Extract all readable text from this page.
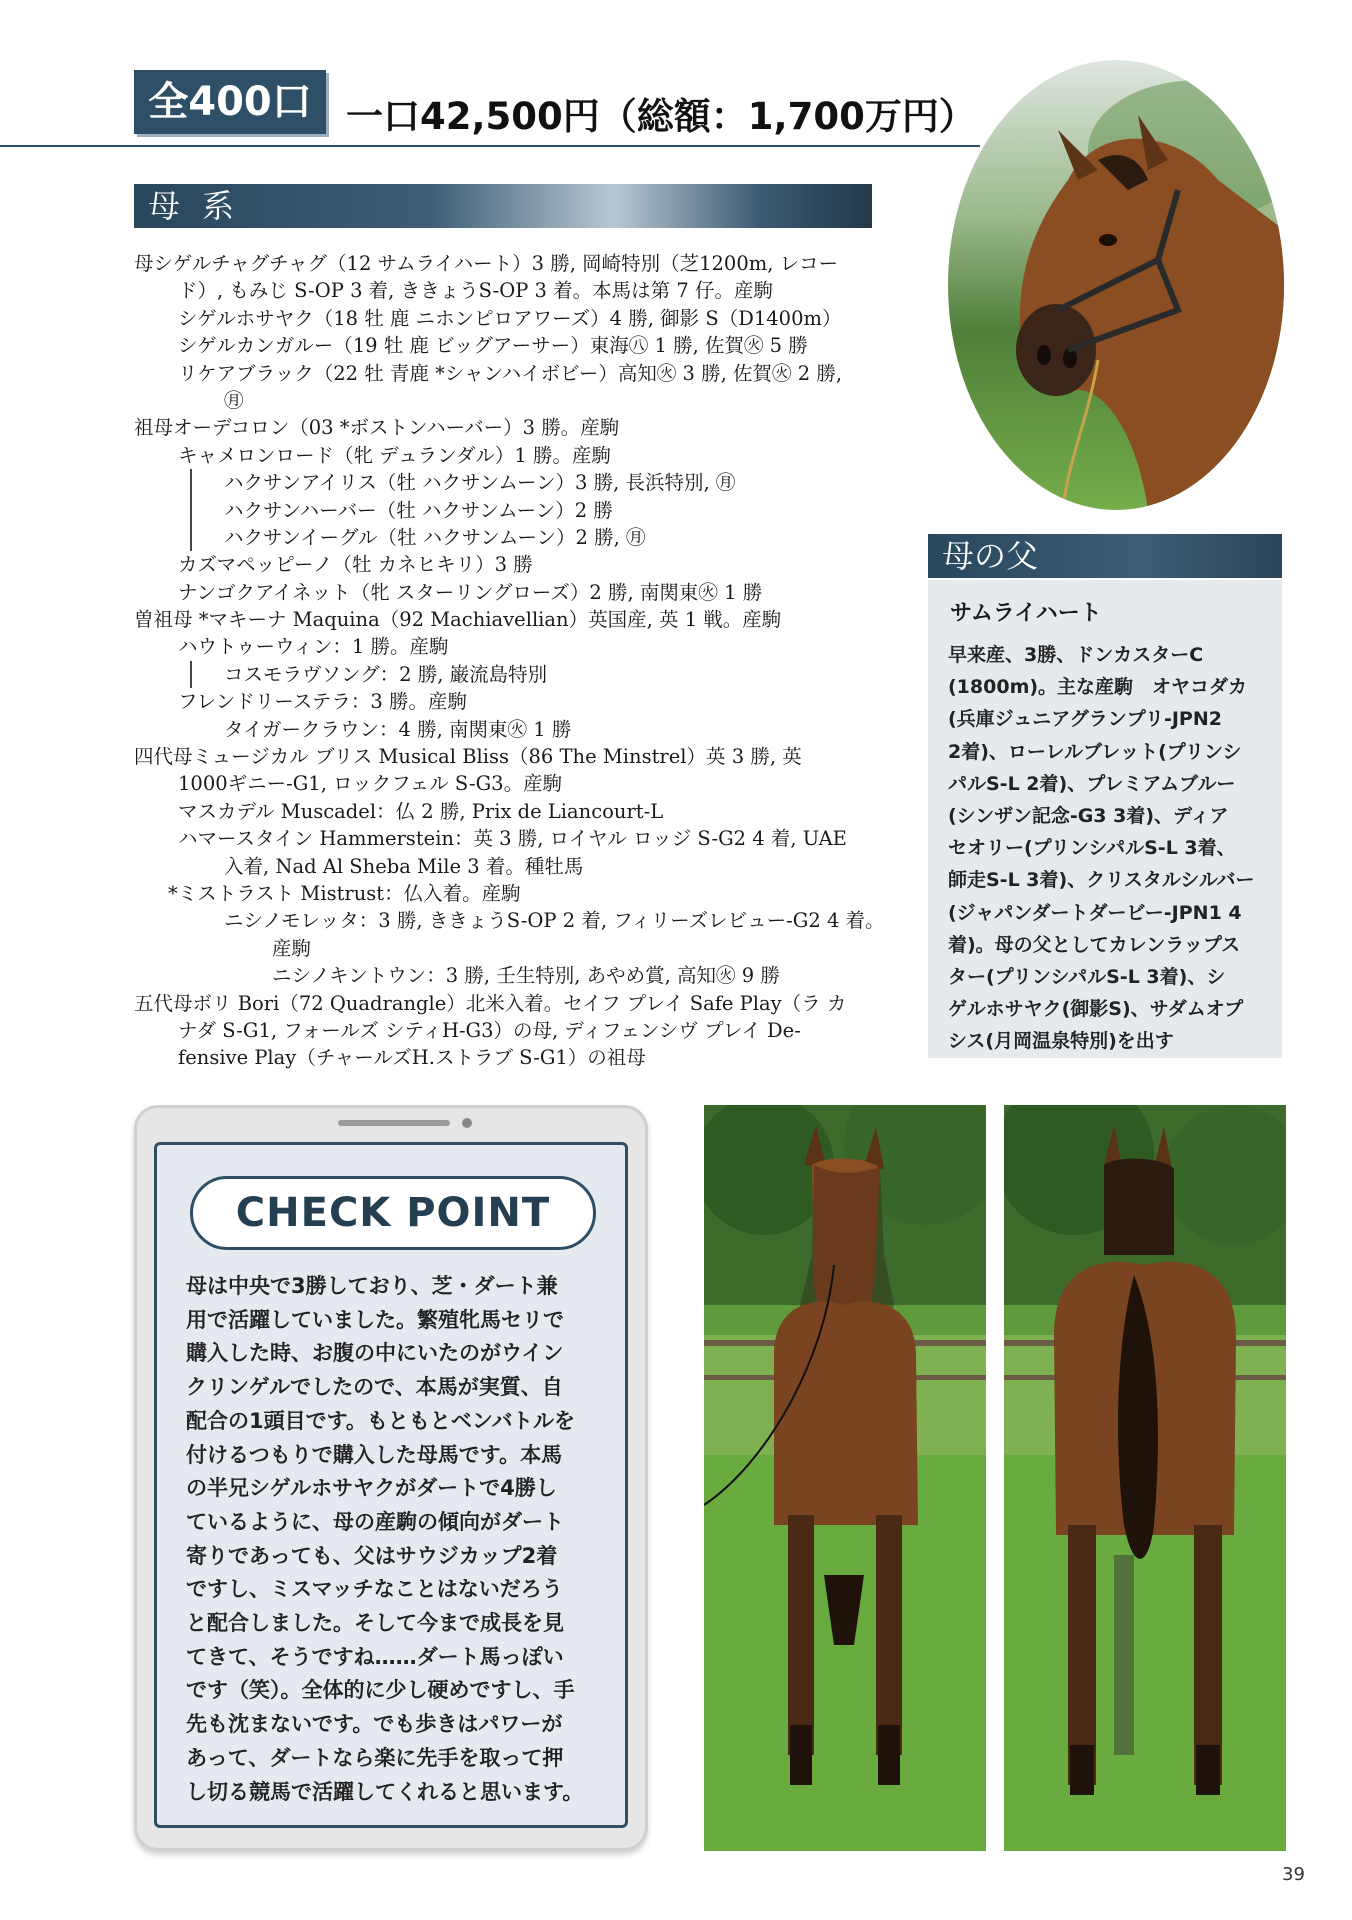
全400口 一口42,500円（総額：1,700万円）
母系
母シゲルチャグチャグ（12 サムライハート）3 勝, 岡崎特別（芝1200m, レコー
ド）, もみじ S-OP 3 着, ききょうS-OP 3 着。本馬は第 7 仔。産駒
シゲルホサヤク（18 牡 鹿 ニホンピロアワーズ）4 勝, 御影 S（D1400m）
シゲルカンガルー（19 牡 鹿 ビッグアーサー）東海㊇ 1 勝, 佐賀㊋ 5 勝
リケアブラック（22 牡 青鹿 *シャンハイボビー）高知㊋ 3 勝, 佐賀㊋ 2 勝,
㊊
祖母オーデコロン（03 *ボストンハーバー）3 勝。産駒
キャメロンロード（牝 デュランダル）1 勝。産駒
ハクサンアイリス（牡 ハクサンムーン）3 勝, 長浜特別, ㊊
ハクサンハーバー（牡 ハクサンムーン）2 勝
ハクサンイーグル（牡 ハクサンムーン）2 勝, ㊊
カズマペッピーノ（牡 カネヒキリ）3 勝
ナンゴクアイネット（牝 スターリングローズ）2 勝, 南関東㊋ 1 勝
曽祖母 *マキーナ Maquina（92 Machiavellian）英国産, 英 1 戦。産駒
ハウトゥーウィン：1 勝。産駒
コスモラヴソング：2 勝, 巌流島特別
フレンドリーステラ：3 勝。産駒
タイガークラウン：4 勝, 南関東㊋ 1 勝
四代母ミュージカル ブリス Musical Bliss（86 The Minstrel）英 3 勝, 英
1000ギニー-G1, ロックフェル S-G3。産駒
マスカデル Muscadel：仏 2 勝, Prix de Liancourt-L
ハマースタイン Hammerstein：英 3 勝, ロイヤル ロッジ S-G2 4 着, UAE
入着, Nad Al Sheba Mile 3 着。種牡馬
*ミストラスト Mistrust：仏入着。産駒
ニシノモレッタ：3 勝, ききょうS-OP 2 着, フィリーズレビュー-G2 4 着。
産駒
ニシノキントウン：3 勝, 壬生特別, あやめ賞, 高知㊋ 9 勝
五代母ボリ Bori（72 Quadrangle）北米入着。セイフ プレイ Safe Play（ラ カ
ナダ S-G1, フォールズ シティH-G3）の母, ディフェンシヴ プレイ De-
fensive Play（チャールズH.ストラブ S-G1）の祖母
母の父
サムライハート
早来産、3勝、ドンカスターC
(1800m)。主な産駒　オヤコダカ
(兵庫ジュニアグランプリ-JPN2
2着)、ローレルブレット(プリンシ
パルS-L 2着)、プレミアムブルー
(シンザン記念-G3 3着)、ディア
セオリー(プリンシパルS-L 3着、
師走S-L 3着)、クリスタルシルバー
(ジャパンダートダービー-JPN1 4
着)。母の父としてカレンラップス
ター(プリンシパルS-L 3着)、シ
ゲルホサヤク(御影S)、サダムオプ
シス(月岡温泉特別)を出す
CHECK POINT
母は中央で3勝しており、芝・ダート兼
用で活躍していました。繁殖牝馬セリで
購入した時、お腹の中にいたのがウイン
クリンゲルでしたので、本馬が実質、自
配合の1頭目です。もともとベンバトルを
付けるつもりで購入した母馬です。本馬
の半兄シゲルホサヤクがダートで4勝し
ているように、母の産駒の傾向がダート
寄りであっても、父はサウジカップ2着
ですし、ミスマッチなことはないだろう
と配合しました。そして今まで成長を見
てきて、そうですね……ダート馬っぽい
です（笑）。全体的に少し硬めですし、手
先も沈まないです。でも歩きはパワーが
あって、ダートなら楽に先手を取って押
し切る競馬で活躍してくれると思います。
39
